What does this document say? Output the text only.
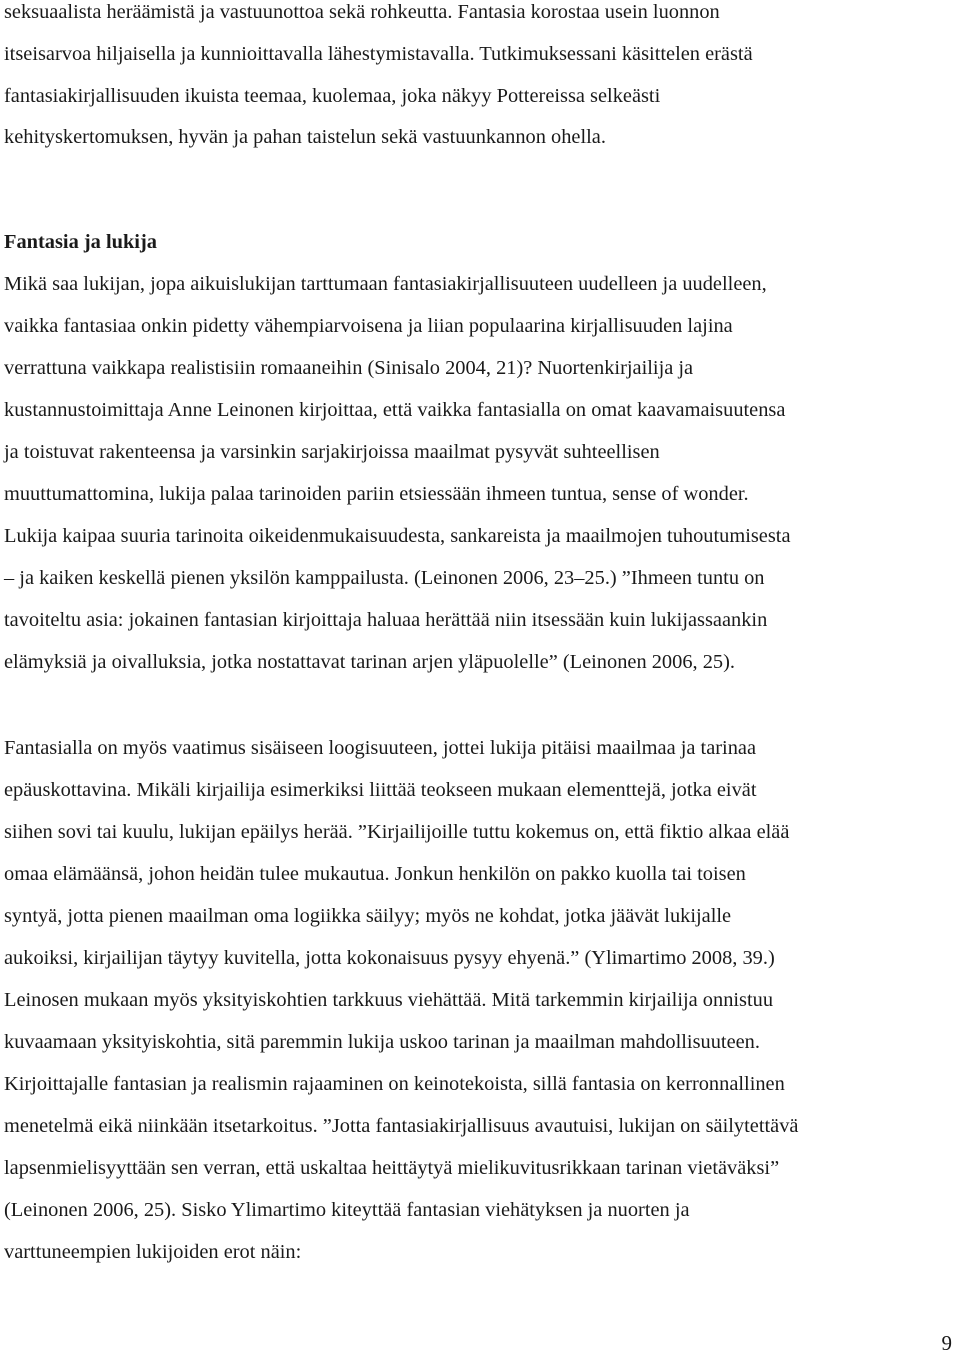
seksuaalista heräämistä ja vastuunottoa sekä rohkeutta. Fantasia korostaa usein luonnon
itseisarvoa hiljaisella ja kunnioittavalla lähestymistavalla. Tutkimuksessani käsittelen erästä
fantasiakirjallisuuden ikuista teemaa, kuolemaa, joka näkyy Pottereissa selkeästi
kehityskertomuksen, hyvän ja pahan taistelun sekä vastuunkannon ohella.
Fantasia ja lukija
Mikä saa lukijan, jopa aikuislukijan tarttumaan fantasiakirjallisuuteen uudelleen ja uudelleen,
vaikka fantasiaa onkin pidetty vähempiarvoisena ja liian populaarina kirjallisuuden lajina
verrattuna vaikkapa realistisiin romaaneihin (Sinisalo 2004, 21)? Nuortenkirjailija ja
kustannustoimittaja Anne Leinonen kirjoittaa, että vaikka fantasialla on omat kaavamaisuutensa
ja toistuvat rakenteensa ja varsinkin sarjakirjoissa maailmat pysyvät suhteellisen
muuttumattomina, lukija palaa tarinoiden pariin etsiessään ihmeen tuntua, sense of wonder.
Lukija kaipaa suuria tarinoita oikeidenmukaisuudesta, sankareista ja maailmojen tuhoutumisesta
– ja kaiken keskellä pienen yksilön kamppailusta. (Leinonen 2006, 23–25.) ”Ihmeen tuntu on
tavoiteltu asia: jokainen fantasian kirjoittaja haluaa herättää niin itsessään kuin lukijassaankin
elämyksiä ja oivalluksia, jotka nostattavat tarinan arjen yläpuolelle” (Leinonen 2006, 25).
Fantasialla on myös vaatimus sisäiseen loogisuuteen, jottei lukija pitäisi maailmaa ja tarinaa
epäuskottavina. Mikäli kirjailija esimerkiksi liittää teokseen mukaan elementtejä, jotka eivät
siihen sovi tai kuulu, lukijan epäilys herää. ”Kirjailijoille tuttu kokemus on, että fiktio alkaa elää
omaa elämäänsä, johon heidän tulee mukautua. Jonkun henkilön on pakko kuolla tai toisen
syntyä, jotta pienen maailman oma logiikka säilyy; myös ne kohdat, jotka jäävät lukijalle
aukoiksi, kirjailijan täytyy kuvitella, jotta kokonaisuus pysyy ehyenä.” (Ylimartimo 2008, 39.)
Leinosen mukaan myös yksityiskohtien tarkkuus viehättää. Mitä tarkemmin kirjailija onnistuu
kuvaamaan yksityiskohtia, sitä paremmin lukija uskoo tarinan ja maailman mahdollisuuteen.
Kirjoittajalle fantasian ja realismin rajaaminen on keinotekoista, sillä fantasia on kerronnallinen
menetelmä eikä niinkään itsetarkoitus. ”Jotta fantasiakirjallisuus avautuisi, lukijan on säilytettävä
lapsenmielisyyttään sen verran, että uskaltaa heittäytyä mielikuvitusrikkaan tarinan vietäväksi”
(Leinonen 2006, 25). Sisko Ylimartimo kiteyttää fantasian viehätyksen ja nuorten ja
varttuneempien lukijoiden erot näin:
9
